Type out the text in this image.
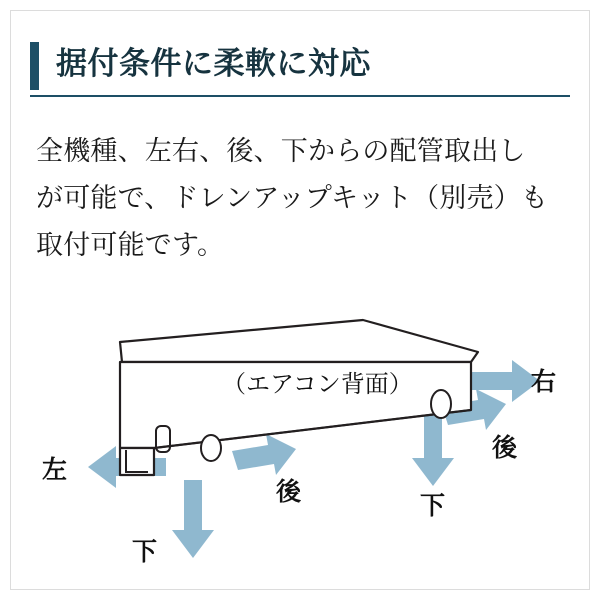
据付条件に柔軟に対応
全機種、左右、後、下からの配管取出し
が可能で、ドレンアップキット（別売）も
取付可能です。
（エアコン背面）	右
後
下
後
左
下
